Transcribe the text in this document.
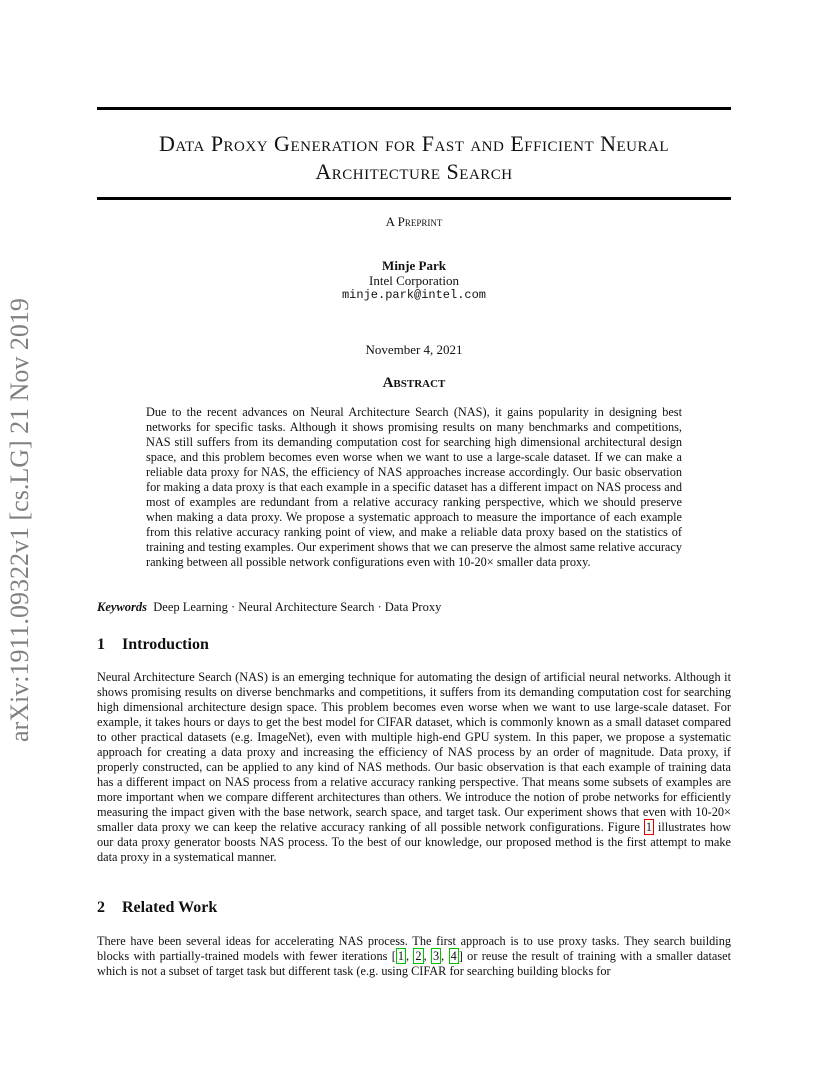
arXiv:1911.09322v1 [cs.LG] 21 Nov 2019
Data Proxy Generation for Fast and Efficient Neural
Architecture Search
A Preprint
Minje Park
Intel Corporation
minje.park@intel.com
November 4, 2021
Abstract

Due to the recent advances on Neural Architecture Search (NAS), it gains popularity in designing best networks for specific tasks. Although it shows promising results on many benchmarks and competitions, NAS still suffers from its demanding computation cost for searching high dimensional architectural design space, and this problem becomes even worse when we want to use a large-scale dataset. If we can make a reliable data proxy for NAS, the efficiency of NAS approaches increase accordingly. Our basic observation for making a data proxy is that each example in a specific dataset has a different impact on NAS process and most of examples are redundant from a relative accuracy ranking perspective, which we should preserve when making a data proxy. We propose a systematic approach to measure the importance of each example from this relative accuracy ranking point of view, and make a reliable data proxy based on the statistics of training and testing examples. Our experiment shows that we can preserve the almost same relative accuracy ranking between all possible network configurations even with 10-20× smaller data proxy.

Keywords Deep Learning · Neural Architecture Search · Data Proxy
1 Introduction

Neural Architecture Search (NAS) is an emerging technique for automating the design of artificial neural networks. Although it shows promising results on diverse benchmarks and competitions, it suffers from its demanding computation cost for searching high dimensional architecture design space. This problem becomes even worse when we want to use large-scale dataset. For example, it takes hours or days to get the best model for CIFAR dataset, which is commonly known as a small dataset compared to other practical datasets (e.g. ImageNet), even with multiple high-end GPU system. In this paper, we propose a systematic approach for creating a data proxy and increasing the efficiency of NAS process by an order of magnitude. Data proxy, if properly constructed, can be applied to any kind of NAS methods. Our basic observation is that each example of training data has a different impact on NAS process from a relative accuracy ranking perspective. That means some subsets of examples are more important when we compare different architectures than others. We introduce the notion of probe networks for efficiently measuring the impact given with the base network, search space, and target task. Our experiment shows that even with 10-20× smaller data proxy we can keep the relative accuracy ranking of all possible network configurations. Figure 1 illustrates how our data proxy generator boosts NAS process. To the best of our knowledge, our proposed method is the first attempt to make data proxy in a systematical manner.

2 Related Work

There have been several ideas for accelerating NAS process. The first approach is to use proxy tasks. They search building blocks with partially-trained models with fewer iterations [ 1 , 2 , 3 , 4 ] or reuse the result of training with a smaller dataset which is not a subset of target task but different task (e.g. using CIFAR for searching building blocks for
